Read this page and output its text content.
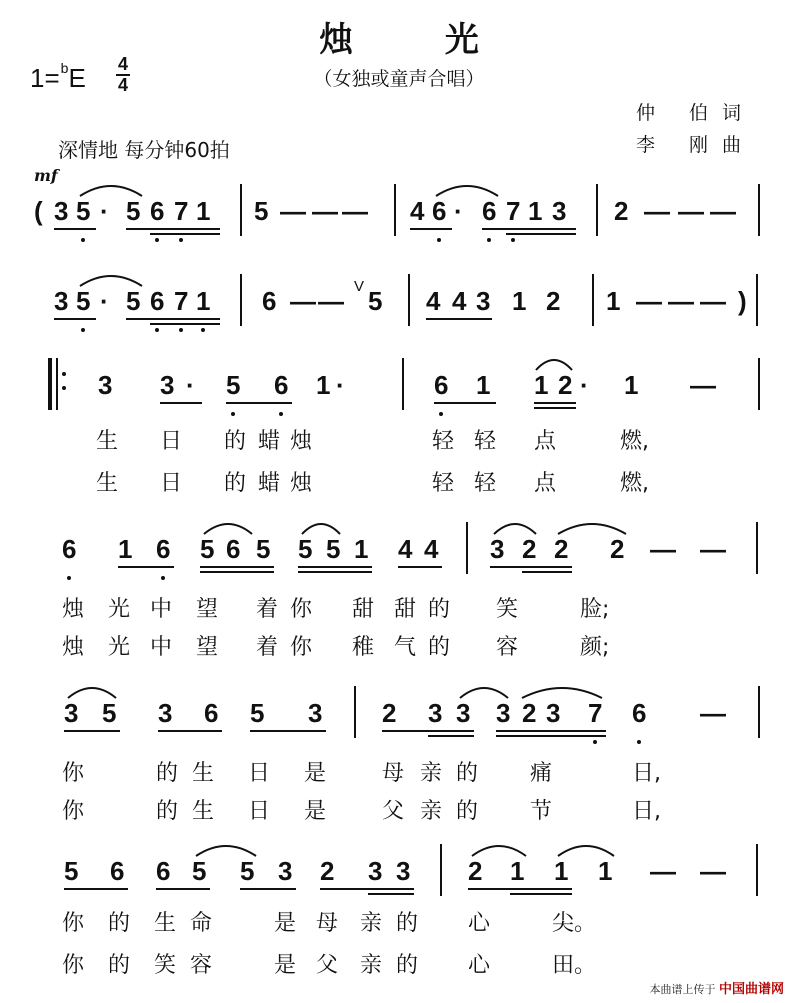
烛 光
（女独或童声合唱）
1=$^b$E 4
4
仲 伯词
李 刚曲
深情地 每分钟60拍
mf
( 3 5 · 5 6 7 1 5 — — — 4 6 · 6 7 1 3 2 — — —
3 5 · 5 6 7 1 6 — — V 5 4 4 3 1 2 1 — — — )
3 3 · 5 6 1 ·	6 1 1 2 · 1 —
生 日 的 蜡 烛	轻 轻 点	燃,
生 日 的 蜡 烛	轻 轻 点	燃,
6 1 6 5 6 5 5 5 1 4 4 3 2 2 2 — —
烛 光 中 望 着 你 甜 甜 的 笑	脸;
烛 光 中 望 着 你 稚 气 的 容	颜;
3 5 3 6 5 3 2 3 3 3 2 3 7 6 —
你	的 生 日 是	母 亲 的 痛	日,
你	的 生 日 是	父 亲 的 节	日,
5 6 6 5 5 3 2 3 3 2 1 1 1 — —
你 的 生 命	是 母 亲 的 心	尖。
你 的 笑 容	是 父 亲 的 心	田。
本曲谱上传于 中国曲谱网
